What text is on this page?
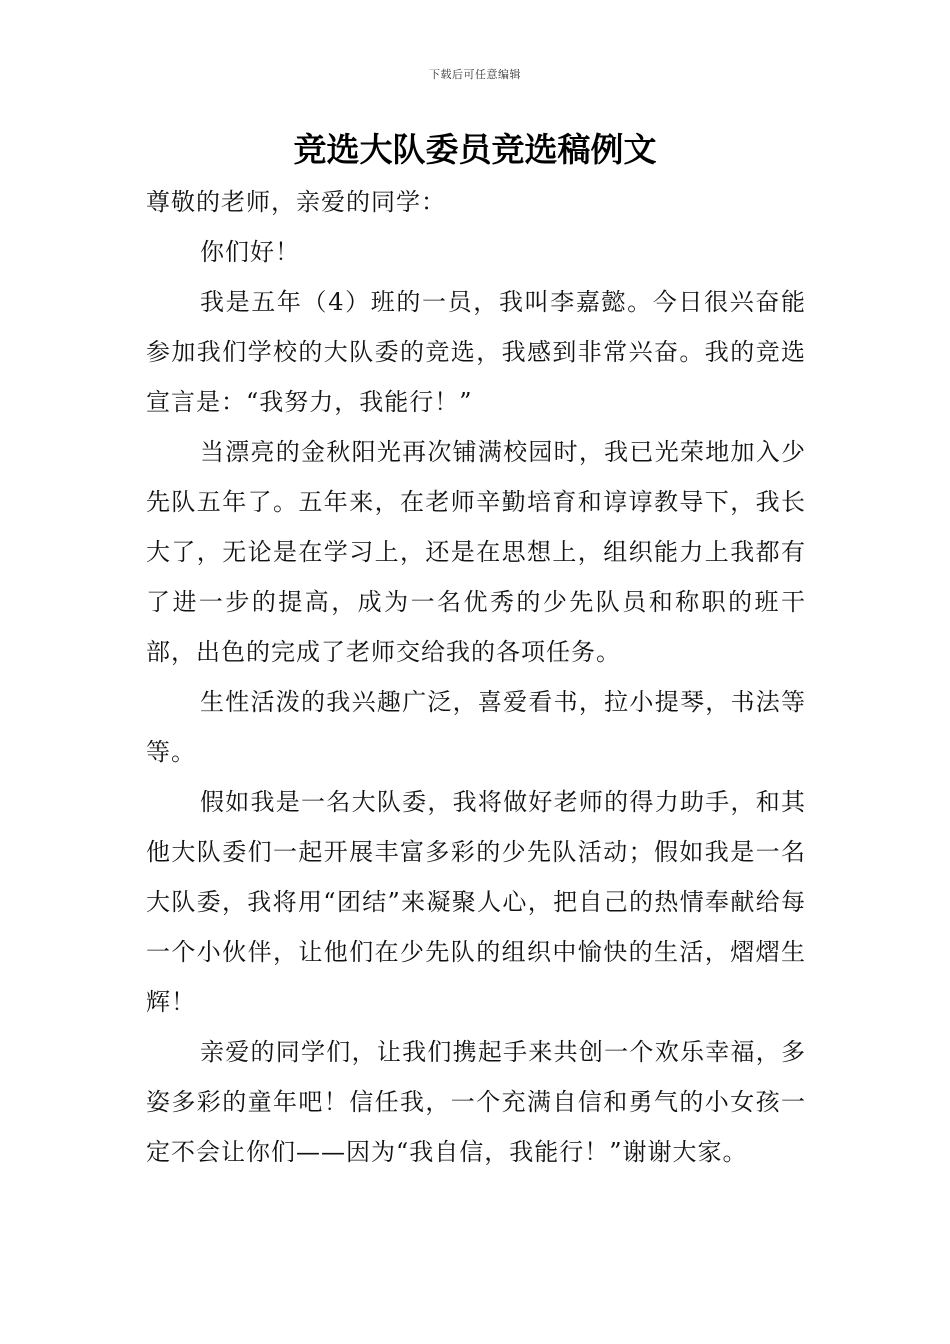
下载后可任意编辑
竞选大队委员竞选稿例文

尊敬的老师，亲爱的同学：

你们好！

我是五年（4）班的一员，我叫李嘉懿。今日很兴奋能参加我们学校的大队委的竞选，我感到非常兴奋。我的竞选宣言是：“我努力，我能行！”

当漂亮的金秋阳光再次铺满校园时，我已光荣地加入少先队五年了。五年来，在老师辛勤培育和谆谆教导下，我长大了，无论是在学习上，还是在思想上，组织能力上我都有了进一步的提高，成为一名优秀的少先队员和称职的班干部，出色的完成了老师交给我的各项任务。

生性活泼的我兴趣广泛，喜爱看书，拉小提琴，书法等等。

假如我是一名大队委，我将做好老师的得力助手，和其他大队委们一起开展丰富多彩的少先队活动；假如我是一名大队委，我将用“团结”来凝聚人心，把自己的热情奉献给每一个小伙伴，让他们在少先队的组织中愉快的生活，熠熠生辉！

亲爱的同学们，让我们携起手来共创一个欢乐幸福，多姿多彩的童年吧！信任我，一个充满自信和勇气的小女孩一定不会让你们——因为“我自信，我能行！”谢谢大家。
